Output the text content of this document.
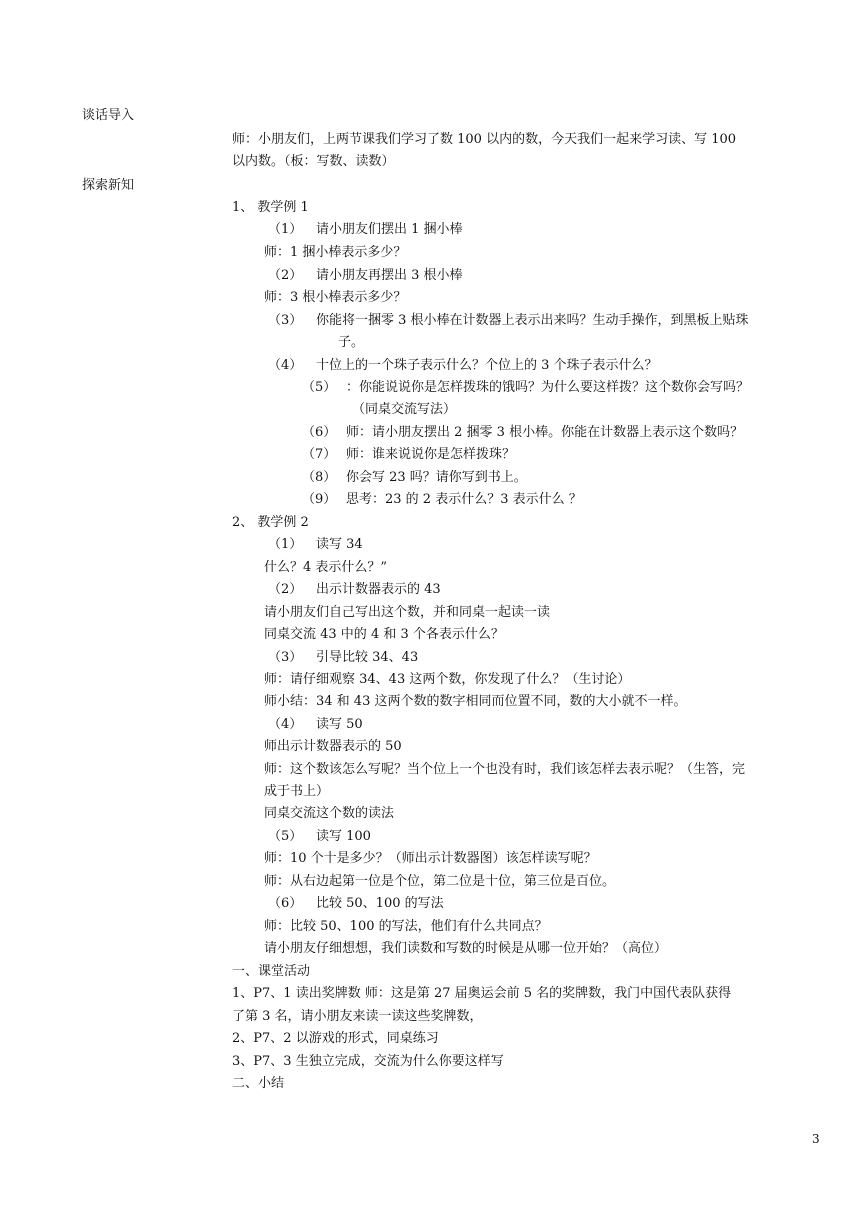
谈话导入
师：小朋友们，上两节课我们学习了数 100 以内的数，今天我们一起来学习读、写 100
以内数。（板：写数、读数）
探索新知
1、 教学例 1
（1） 请小朋友们摆出 1 捆小棒
师：1 捆小棒表示多少？
（2） 请小朋友再摆出 3 根小棒
师：3 根小棒表示多少？
（3） 你能将一捆零 3 根小棒在计数器上表示出来吗？生动手操作，到黑板上贴珠
子。
（4） 十位上的一个珠子表示什么？个位上的 3 个珠子表示什么？
（5） ：你能说说你是怎样拨珠的饿吗？为什么要这样拨？这个数你会写吗？
（同桌交流写法）
（6） 师：请小朋友摆出 2 捆零 3 根小棒。你能在计数器上表示这个数吗？
（7） 师：谁来说说你是怎样拨珠？
（8） 你会写 23 吗？请你写到书上。
（9） 思考：23 的 2 表示什么？3 表示什么 ？
2、 教学例 2
（1） 读写 34
什么？4 表示什么？”
（2） 出示计数器表示的 43
请小朋友们自己写出这个数，并和同桌一起读一读
同桌交流 43 中的 4 和 3 个各表示什么？
（3） 引导比较 34、43
师：请仔细观察 34、43 这两个数，你发现了什么？（生讨论）
师小结：34 和 43 这两个数的数字相同而位置不同，数的大小就不一样。
（4） 读写 50
师出示计数器表示的 50
师：这个数该怎么写呢？当个位上一个也没有时，我们该怎样去表示呢？（生答，完
成于书上）
同桌交流这个数的读法
（5） 读写 100
师：10 个十是多少？（师出示计数器图）该怎样读写呢？
师：从右边起第一位是个位，第二位是十位，第三位是百位。
（6） 比较 50、100 的写法
师：比较 50、100 的写法，他们有什么共同点？
请小朋友仔细想想，我们读数和写数的时候是从哪一位开始？（高位）
一、课堂活动
1、P7、1 读出奖牌数 师：这是第 27 届奥运会前 5 名的奖牌数，我门中国代表队获得
了第 3 名，请小朋友来读一读这些奖牌数，
2、P7、2 以游戏的形式，同桌练习
3、P7、3 生独立完成，交流为什么你要这样写
二、小结
3
